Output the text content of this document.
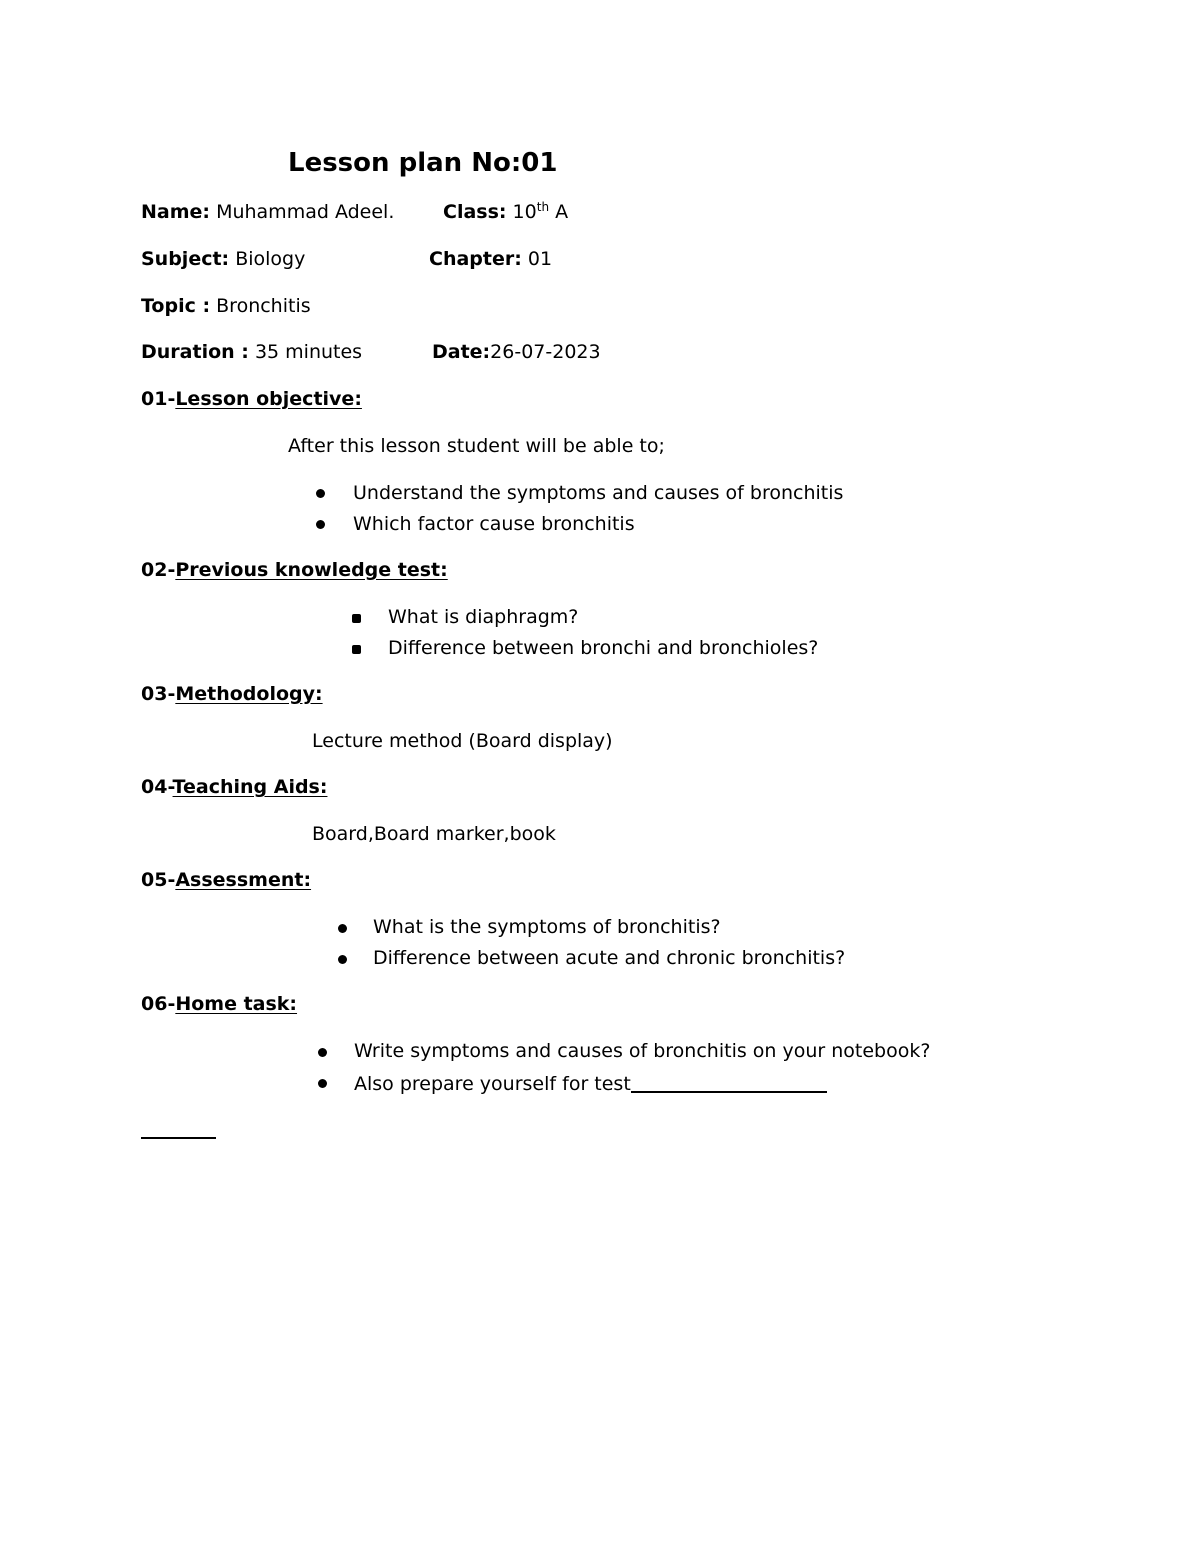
Lesson plan No:01
Name: Muhammad Adeel.	Class: 10th A
Subject: Biology	Chapter: 01
Topic : Bronchitis
Duration : 35 minutes	Date:26-07-2023
01-Lesson objective:
After this lesson student will be able to;
Understand the symptoms and causes of bronchitis
Which factor cause bronchitis
02-Previous knowledge test:
What is diaphragm?
Difference between bronchi and bronchioles?
03-Methodology:
Lecture method (Board display)
04-Teaching Aids:
Board,Board marker,book
05-Assessment:
What is the symptoms of bronchitis?
Difference between acute and chronic bronchitis?
06-Home task:
Write symptoms and causes of bronchitis on your notebook?
Also prepare yourself for test
